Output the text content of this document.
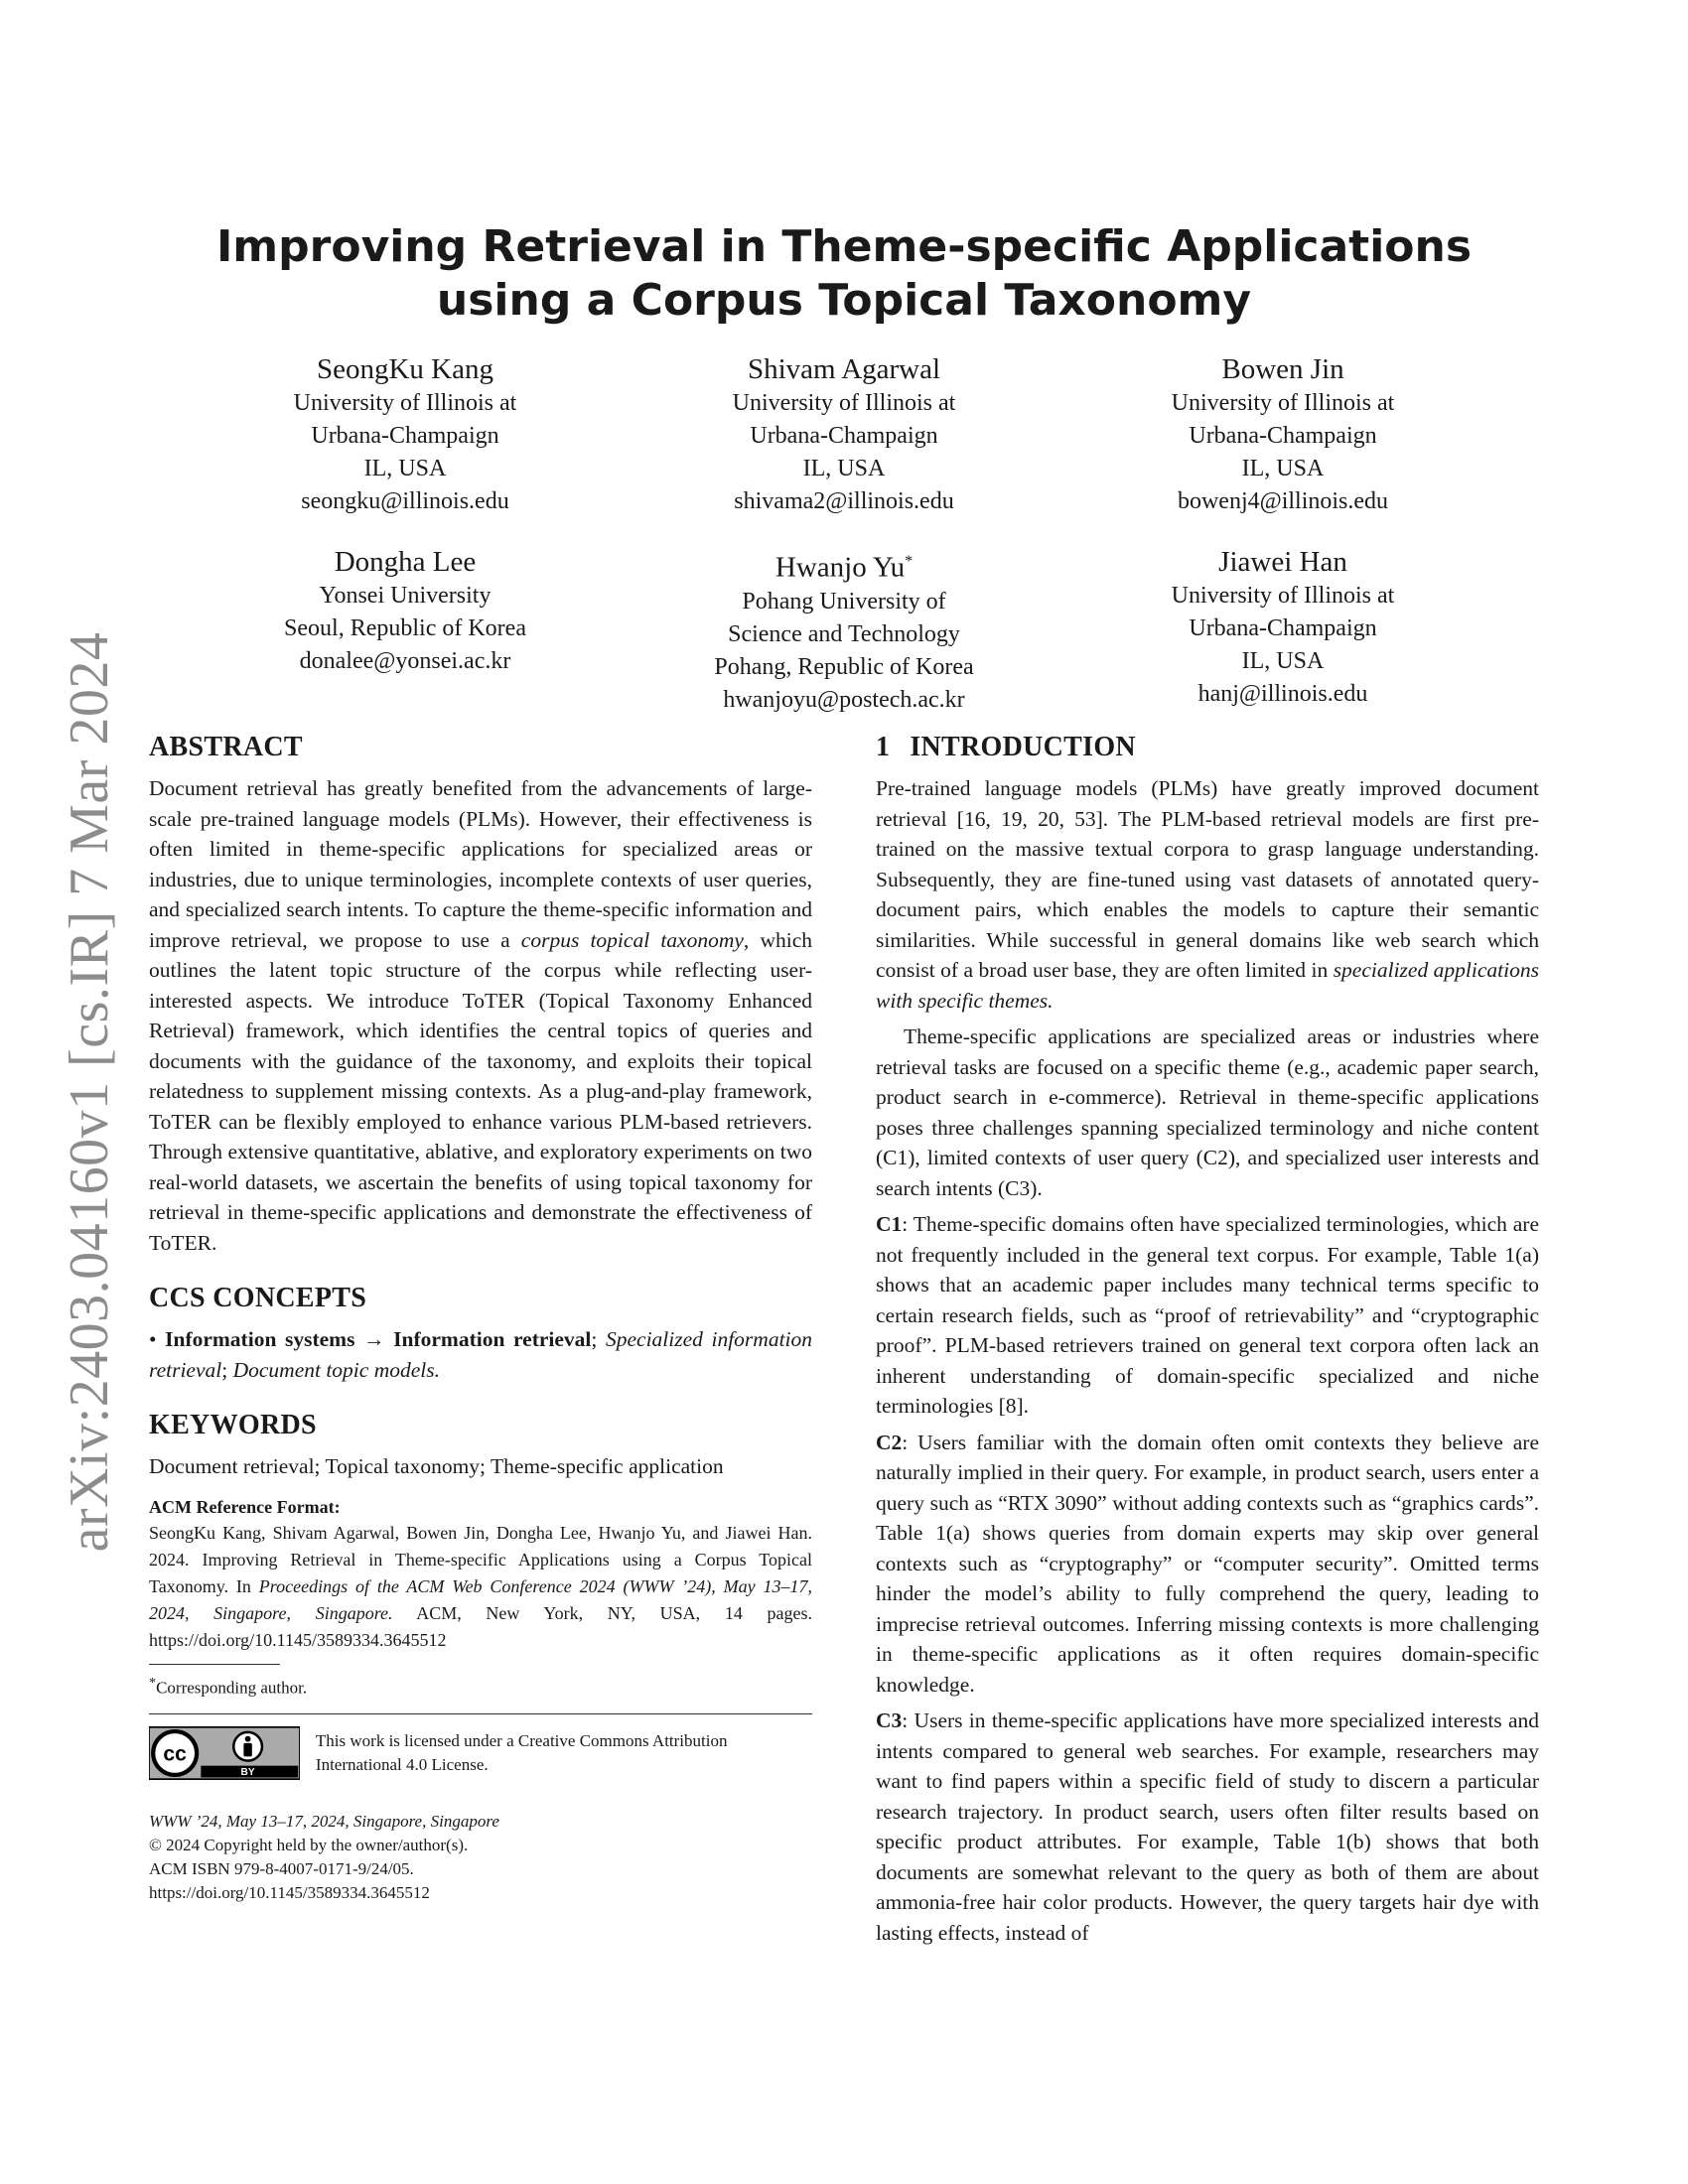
arXiv:2403.04160v1 [cs.IR] 7 Mar 2024
Improving Retrieval in Theme-specific Applications
using a Corpus Topical Taxonomy
SeongKu Kang
University of Illinois at
Urbana-Champaign
IL, USA
seongku@illinois.edu
Shivam Agarwal
University of Illinois at
Urbana-Champaign
IL, USA
shivama2@illinois.edu
Bowen Jin
University of Illinois at
Urbana-Champaign
IL, USA
bowenj4@illinois.edu
Dongha Lee
Yonsei University
Seoul, Republic of Korea
donalee@yonsei.ac.kr
Hwanjo Yu*
Pohang University of
Science and Technology
Pohang, Republic of Korea
hwanjoyu@postech.ac.kr
Jiawei Han
University of Illinois at
Urbana-Champaign
IL, USA
hanj@illinois.edu
ABSTRACT

Document retrieval has greatly benefited from the advancements of large-scale pre-trained language models (PLMs). However, their effectiveness is often limited in theme-specific applications for specialized areas or industries, due to unique terminologies, incomplete contexts of user queries, and specialized search intents. To capture the theme-specific information and improve retrieval, we propose to use a corpus topical taxonomy, which outlines the latent topic structure of the corpus while reflecting user-interested aspects. We introduce ToTER (Topical Taxonomy Enhanced Retrieval) framework, which identifies the central topics of queries and documents with the guidance of the taxonomy, and exploits their topical relatedness to supplement missing contexts. As a plug-and-play framework, ToTER can be flexibly employed to enhance various PLM-based retrievers. Through extensive quantitative, ablative, and exploratory experiments on two real-world datasets, we ascertain the benefits of using topical taxonomy for retrieval in theme-specific applications and demonstrate the effectiveness of ToTER.

CCS CONCEPTS

• Information systems → Information retrieval; Specialized information retrieval; Document topic models.

KEYWORDS

Document retrieval; Topical taxonomy; Theme-specific application

ACM Reference Format:

SeongKu Kang, Shivam Agarwal, Bowen Jin, Dongha Lee, Hwanjo Yu, and Jiawei Han. 2024. Improving Retrieval in Theme-specific Applications using a Corpus Topical Taxonomy. In Proceedings of the ACM Web Conference 2024 (WWW ’24), May 13–17, 2024, Singapore, Singapore. ACM, New York, NY, USA, 14 pages. https://doi.org/10.1145/3589334.3645512

*Corresponding author.
cc
BY
This work is licensed under a Creative Commons Attribution International 4.0 License.
WWW ’24, May 13–17, 2024, Singapore, Singapore
© 2024 Copyright held by the owner/author(s).
ACM ISBN 979-8-4007-0171-9/24/05.
https://doi.org/10.1145/3589334.3645512
1 INTRODUCTION

Pre-trained language models (PLMs) have greatly improved document retrieval [16, 19, 20, 53]. The PLM-based retrieval models are first pre-trained on the massive textual corpora to grasp language understanding. Subsequently, they are fine-tuned using vast datasets of annotated query-document pairs, which enables the models to capture their semantic similarities. While successful in general domains like web search which consist of a broad user base, they are often limited in specialized applications with specific themes.

Theme-specific applications are specialized areas or industries where retrieval tasks are focused on a specific theme (e.g., academic paper search, product search in e-commerce). Retrieval in theme-specific applications poses three challenges spanning specialized terminology and niche content (C1), limited contexts of user query (C2), and specialized user interests and search intents (C3).

C1: Theme-specific domains often have specialized terminologies, which are not frequently included in the general text corpus. For example, Table 1(a) shows that an academic paper includes many technical terms specific to certain research fields, such as “proof of retrievability” and “cryptographic proof”. PLM-based retrievers trained on general text corpora often lack an inherent understanding of domain-specific specialized and niche terminologies [8].

C2: Users familiar with the domain often omit contexts they believe are naturally implied in their query. For example, in product search, users enter a query such as “RTX 3090” without adding contexts such as “graphics cards”. Table 1(a) shows queries from domain experts may skip over general contexts such as “cryptography” or “computer security”. Omitted terms hinder the model’s ability to fully comprehend the query, leading to imprecise retrieval outcomes. Inferring missing contexts is more challenging in theme-specific applications as it often requires domain-specific knowledge.

C3: Users in theme-specific applications have more specialized interests and intents compared to general web searches. For example, researchers may want to find papers within a specific field of study to discern a particular research trajectory. In product search, users often filter results based on specific product attributes. For example, Table 1(b) shows that both documents are somewhat relevant to the query as both of them are about ammonia-free hair color products. However, the query targets hair dye with lasting effects, instead of
